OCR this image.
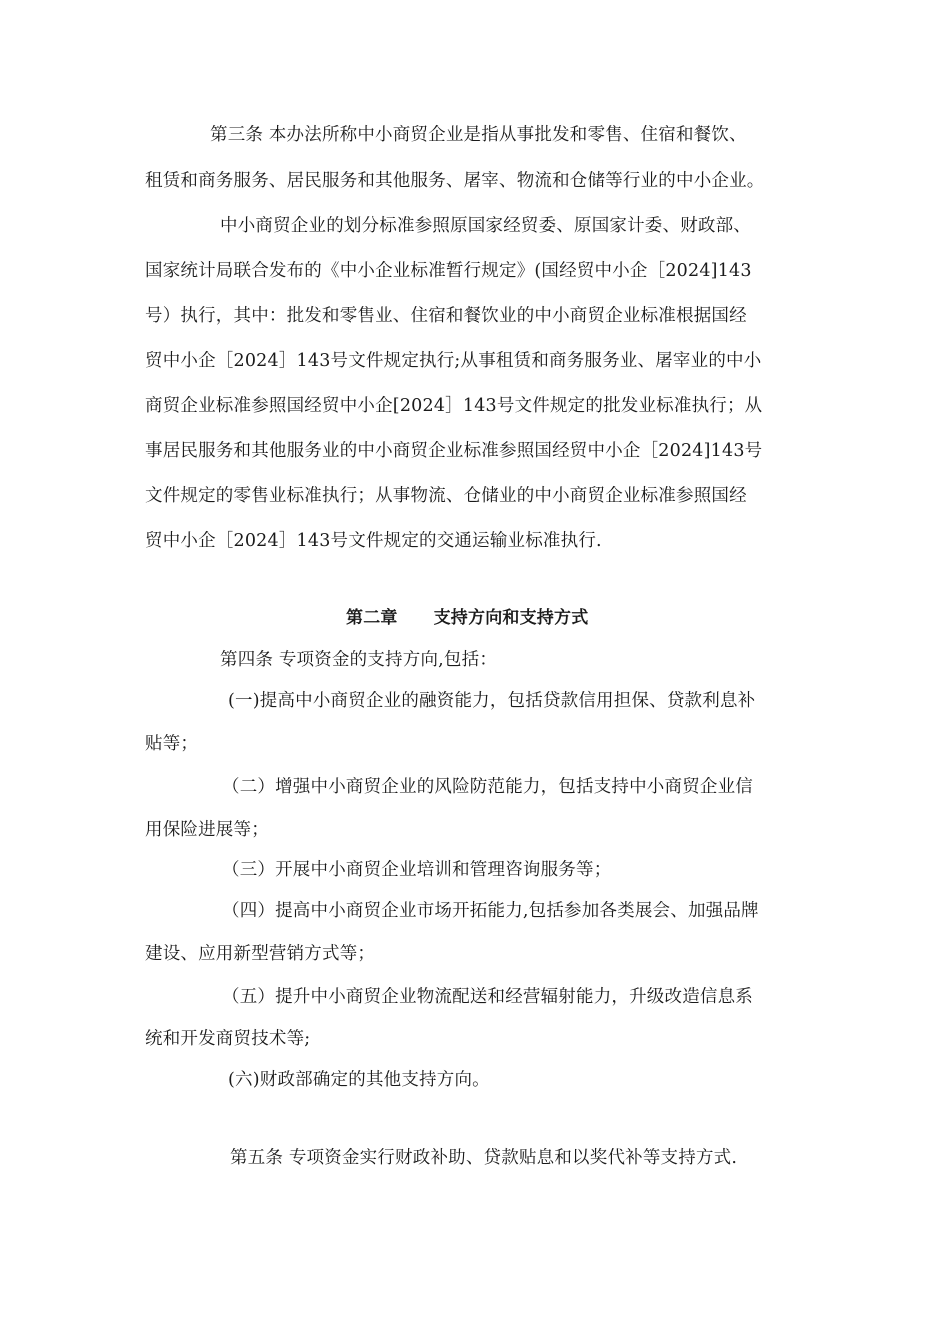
第三条 本办法所称中小商贸企业是指从事批发和零售、住宿和餐饮、
租赁和商务服务、居民服务和其他服务、屠宰、物流和仓储等行业的中小企业。
中小商贸企业的划分标准参照原国家经贸委、原国家计委、财政部、
国家统计局联合发布的《中小企业标准暂行规定》(国经贸中小企［2024]143
号）执行，其中：批发和零售业、住宿和餐饮业的中小商贸企业标准根据国经
贸中小企［2024］143号文件规定执行;从事租赁和商务服务业、屠宰业的中小
商贸企业标准参照国经贸中小企[2024］143号文件规定的批发业标准执行；从
事居民服务和其他服务业的中小商贸企业标准参照国经贸中小企［2024]143号
文件规定的零售业标准执行；从事物流、仓储业的中小商贸企业标准参照国经
贸中小企［2024］143号文件规定的交通运输业标准执行.
第二章 支持方向和支持方式
第四条 专项资金的支持方向,包括：
(一)提高中小商贸企业的融资能力，包括贷款信用担保、贷款利息补
贴等；
（二）增强中小商贸企业的风险防范能力，包括支持中小商贸企业信
用保险进展等；
（三）开展中小商贸企业培训和管理咨询服务等；
（四）提高中小商贸企业市场开拓能力,包括参加各类展会、加强品牌
建设、应用新型营销方式等；
（五）提升中小商贸企业物流配送和经营辐射能力，升级改造信息系
统和开发商贸技术等;
(六)财政部确定的其他支持方向。
第五条 专项资金实行财政补助、贷款贴息和以奖代补等支持方式.
